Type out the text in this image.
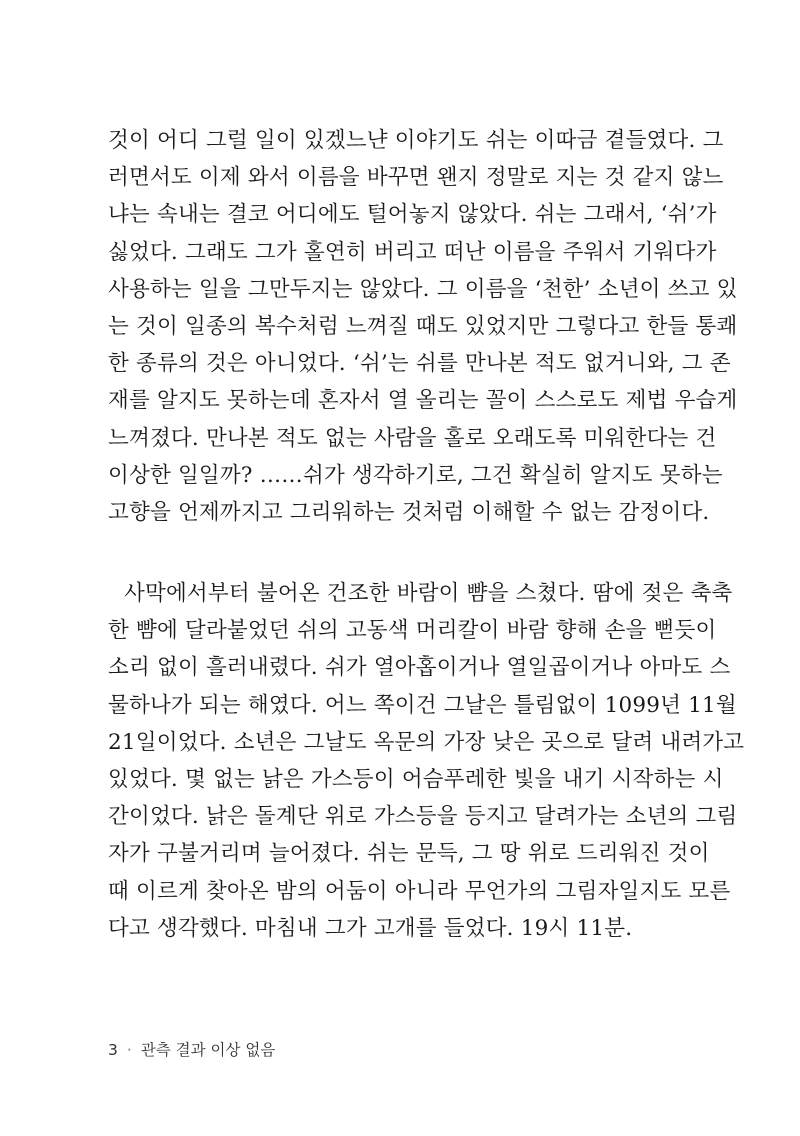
것이 어디 그럴 일이 있겠느냔 이야기도 쉬는 이따금 곁들였다. 그
러면서도 이제 와서 이름을 바꾸면 왠지 정말로 지는 것 같지 않느
냐는 속내는 결코 어디에도 털어놓지 않았다. 쉬는 그래서, ‘쉬’가
싫었다. 그래도 그가 홀연히 버리고 떠난 이름을 주워서 기워다가
사용하는 일을 그만두지는 않았다. 그 이름을 ‘천한’ 소년이 쓰고 있
는 것이 일종의 복수처럼 느껴질 때도 있었지만 그렇다고 한들 통쾌
한 종류의 것은 아니었다. ‘쉬’는 쉬를 만나본 적도 없거니와, 그 존
재를 알지도 못하는데 혼자서 열 올리는 꼴이 스스로도 제법 우습게
느껴졌다. 만나본 적도 없는 사람을 홀로 오래도록 미워한다는 건
이상한 일일까? ……쉬가 생각하기로, 그건 확실히 알지도 못하는
고향을 언제까지고 그리워하는 것처럼 이해할 수 없는 감정이다.
사막에서부터 불어온 건조한 바람이 뺨을 스쳤다. 땀에 젖은 축축
한 뺨에 달라붙었던 쉬의 고동색 머리칼이 바람 향해 손을 뻗듯이
소리 없이 흘러내렸다. 쉬가 열아홉이거나 열일곱이거나 아마도 스
물하나가 되는 해였다. 어느 쪽이건 그날은 틀림없이 1099년 11월
21일이었다. 소년은 그날도 옥문의 가장 낮은 곳으로 달려 내려가고
있었다. 몇 없는 낡은 가스등이 어슴푸레한 빛을 내기 시작하는 시
간이었다. 낡은 돌계단 위로 가스등을 등지고 달려가는 소년의 그림
자가 구불거리며 늘어졌다. 쉬는 문득, 그 땅 위로 드리워진 것이
때 이르게 찾아온 밤의 어둠이 아니라 무언가의 그림자일지도 모른
다고 생각했다. 마침내 그가 고개를 들었다. 19시 11분.
3 · 관측 결과 이상 없음
